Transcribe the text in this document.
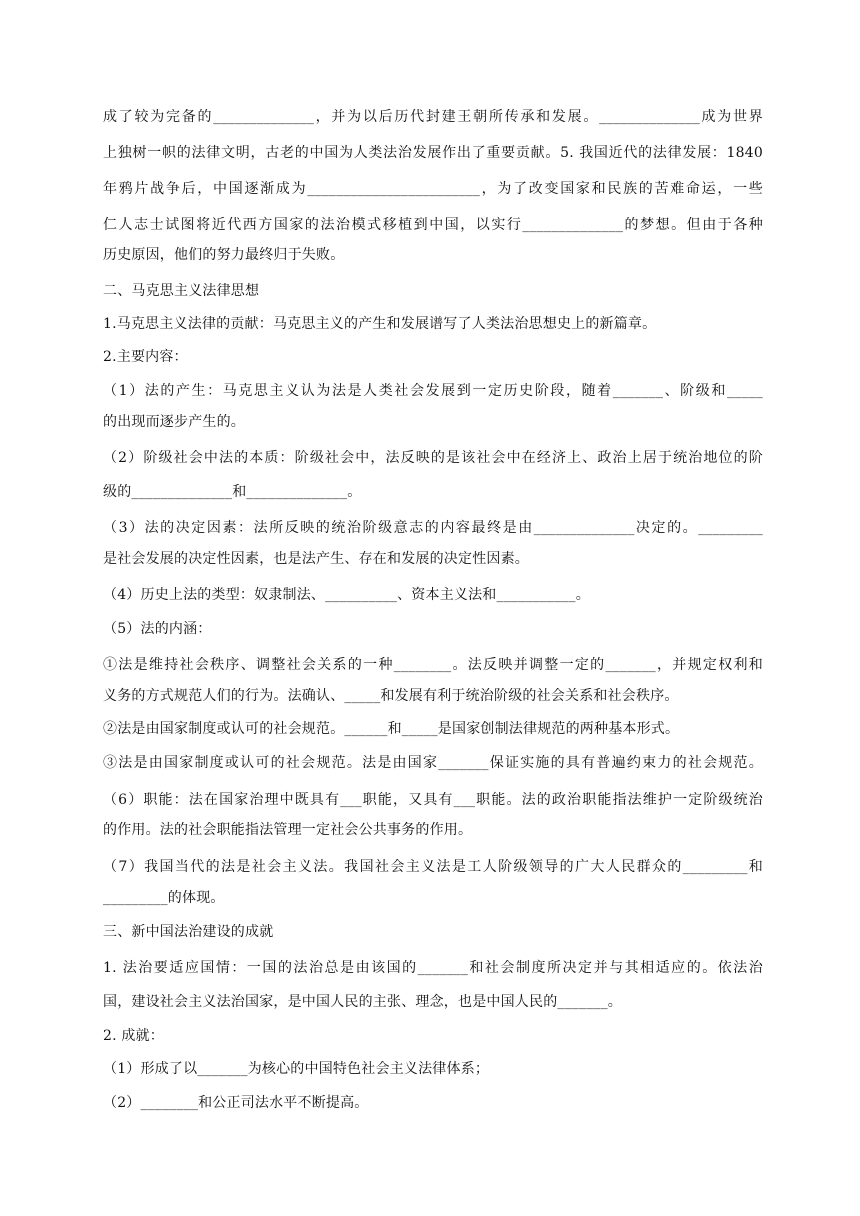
成了较为完备的______________，并为以后历代封建王朝所传承和发展。______________成为世界
上独树一帜的法律文明，古老的中国为人类法治发展作出了重要贡献。5. 我国近代的法律发展：1840
年鸦片战争后，中国逐渐成为________________________，为了改变国家和民族的苦难命运，一些
仁人志士试图将近代西方国家的法治模式移植到中国，以实行______________的梦想。但由于各种
历史原因，他们的努力最终归于失败。
二、马克思主义法律思想
1.马克思主义法律的贡献：马克思主义的产生和发展谱写了人类法治思想史上的新篇章。
2.主要内容：
（1）法的产生：马克思主义认为法是人类社会发展到一定历史阶段，随着_______、阶级和_____
的出现而逐步产生的。
（2）阶级社会中法的本质：阶级社会中，法反映的是该社会中在经济上、政治上居于统治地位的阶
级的______________和______________。
（3）法的决定因素：法所反映的统治阶级意志的内容最终是由______________决定的。_________
是社会发展的决定性因素，也是法产生、存在和发展的决定性因素。
（4）历史上法的类型：奴隶制法、__________、资本主义法和___________。
（5）法的内涵：
①法是维持社会秩序、调整社会关系的一种________。法反映并调整一定的_______，并规定权利和
义务的方式规范人们的行为。法确认、_____和发展有利于统治阶级的社会关系和社会秩序。
②法是由国家制度或认可的社会规范。______和_____是国家创制法律规范的两种基本形式。
③法是由国家制度或认可的社会规范。法是由国家_______保证实施的具有普遍约束力的社会规范。
（6）职能：法在国家治理中既具有___职能，又具有___职能。法的政治职能指法维护一定阶级统治
的作用。法的社会职能指法管理一定社会公共事务的作用。
（7）我国当代的法是社会主义法。我国社会主义法是工人阶级领导的广大人民群众的_________和
_________的体现。
三、新中国法治建设的成就
1. 法治要适应国情：一国的法治总是由该国的_______和社会制度所决定并与其相适应的。依法治
国，建设社会主义法治国家，是中国人民的主张、理念，也是中国人民的_______。
2. 成就：
（1）形成了以_______为核心的中国特色社会主义法律体系；
（2）________和公正司法水平不断提高。
